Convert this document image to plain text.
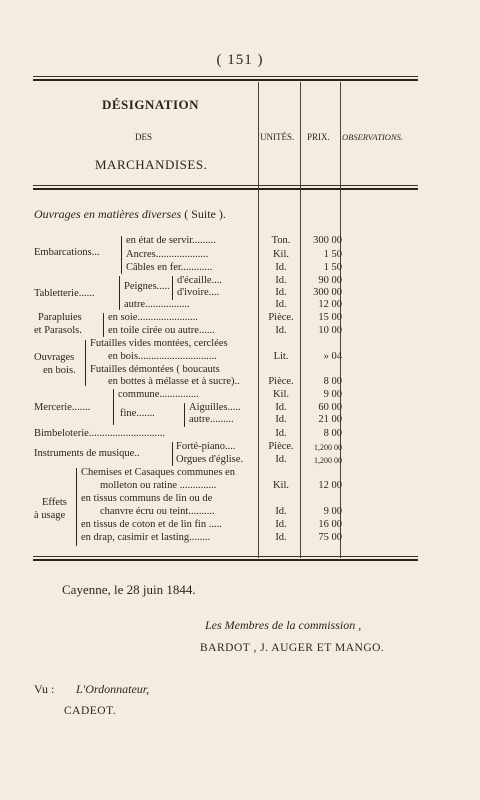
( 151 )
DÉSIGNATION
DES
MARCHANDISES.
UNITÉS. PRIX. OBSERVATIONS.
Ouvrages en matières diverses ( Suite ).
Embarcations...
en état de servir.........	Ton.	300 00
Ancres....................	Kil.	1 50
Câbles en fer............	Id.	1 50
Tabletterie......
Peignes.....
d'écaille....	Id.	90 00
d'ivoire....	Id.	300 00
autre.................	Id.	12 00
Parapluies
et Parasols.
en soie.......................	Pièce.	15 00
en toile cirée ou autre......	Id.	10 00
Ouvrages
en bois.
Futailles vides montées, cerclées
en bois..............................	Lit.	» 04
Futailles démontées ( boucauts
en bottes à mélasse et à sucre)..	Pièce.	8 00
Mercerie.......
commune...............	Kil.	9 00
fine.......
Aiguilles.....	Id.	60 00
autre.........	Id.	21 00
Bimbeloterie.............................	Id.	8 00
Instruments de musique..
Forté-piano....	Pièce.	1,200 00
Orgues d'église.	Id.	1,200 00
Effets
à usage
Chemises et Casaques communes en
molleton ou ratine ..............	Kil.	12 00
en tissus communs de lin ou de
chanvre écru ou teint..........	Id.	9 00
en tissus de coton et de lin fin .....	Id.	16 00
en drap, casimir et lasting........	Id.	75 00
Cayenne, le 28 juin 1844.
Les Membres de la commission ,
BARDOT , J. AUGER ET MANGO.
Vu : L'Ordonnateur,
CADEOT.
